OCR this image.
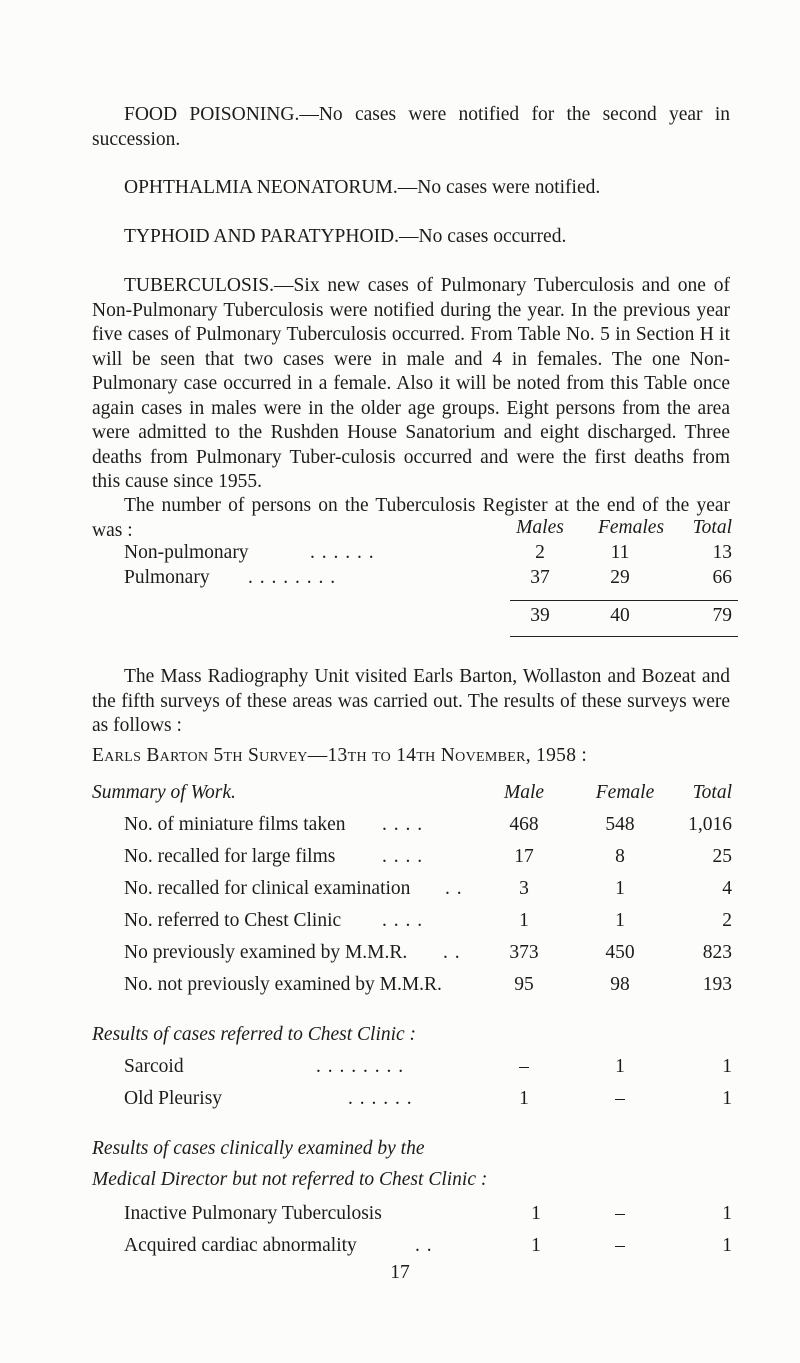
FOOD POISONING.—No cases were notified for the second year in succession.

OPHTHALMIA NEONATORUM.—No cases were notified.

TYPHOID AND PARATYPHOID.—No cases occurred.

TUBERCULOSIS.—Six new cases of Pulmonary Tuberculosis and one of Non-Pulmonary Tuberculosis were notified during the year. In the previous year five cases of Pulmonary Tuberculosis occurred. From Table No. 5 in Section H it will be seen that two cases were in male and 4 in females. The one Non-Pulmonary case occurred in a female. Also it will be noted from this Table once again cases in males were in the older age groups. Eight persons from the area were admitted to the Rushden House Sanatorium and eight discharged. Three deaths from Pulmonary Tuber-culosis occurred and were the first deaths from this cause since 1955.

The number of persons on the Tuberculosis Register at the end of the year was :	Males	Females	Total
Non-pulmonary	. . . . . .	2	11	13
Pulmonary . . . . . . . .	37	29	66
39	40	79

The Mass Radiography Unit visited Earls Barton, Wollaston and Bozeat and the fifth surveys of these areas was carried out. The results of these surveys were as follows :

Earls Barton 5th Survey—13th to 14th November, 1958 :
Summary of Work.	Male	Female	Total
No. of miniature films taken . . . .	468	548	1,016
No. recalled for large films . . . .	17	8	25
No. recalled for clinical examination . .	3	1	4
No. referred to Chest Clinic . . . .	1	1	2
No previously examined by M.M.R. . .	373	450	823
No. not previously examined by M.M.R.	95	98	193
Results of cases referred to Chest Clinic :
Sarcoid	. . . . . . . .	–	1	1
Old Pleurisy	. . . . . .	1	–	1
Results of cases clinically examined by the
Medical Director but not referred to Chest Clinic :
Inactive Pulmonary Tuberculosis	1	–	1
Acquired cardiac abnormality	. .	1	–	1
17
